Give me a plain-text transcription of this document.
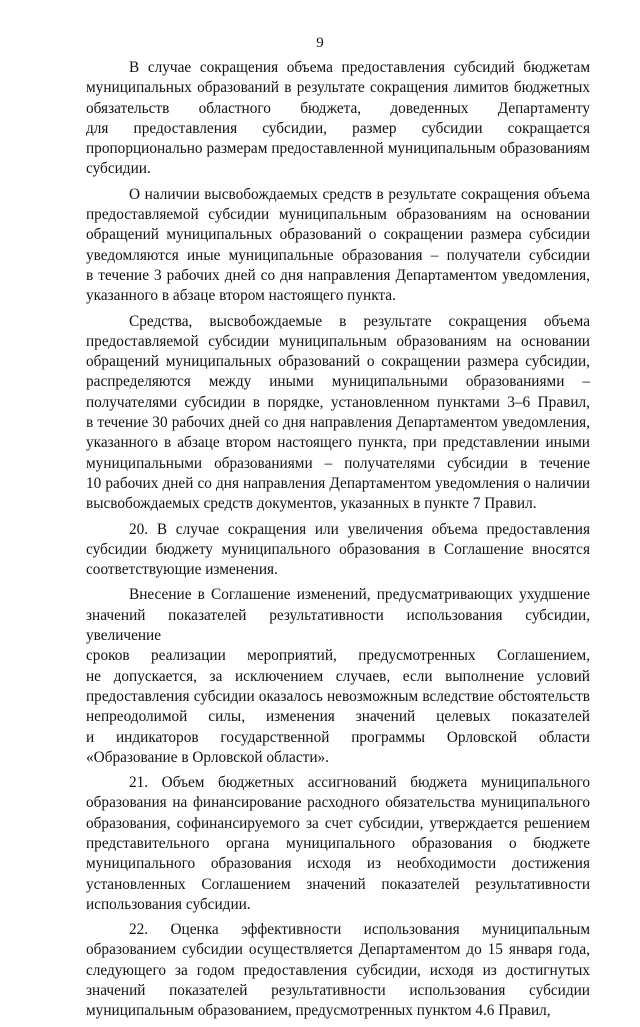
9

В случае сокращения объема предоставления субсидий бюджетам
муниципальных образований в результате сокращения лимитов бюджетных
обязательств областного бюджета, доведенных Департаменту
для предоставления субсидии, размер субсидии сокращается
пропорционально размерам предоставленной муниципальным образованиям
субсидии.

О наличии высвобождаемых средств в результате сокращения объема
предоставляемой субсидии муниципальным образованиям на основании
обращений муниципальных образований о сокращении размера субсидии
уведомляются иные муниципальные образования – получатели субсидии
в течение 3 рабочих дней со дня направления Департаментом уведомления,
указанного в абзаце втором настоящего пункта.

Средства, высвобождаемые в результате сокращения объема
предоставляемой субсидии муниципальным образованиям на основании
обращений муниципальных образований о сокращении размера субсидии,
распределяются между иными муниципальными образованиями –
получателями субсидии в порядке, установленном пунктами 3–6 Правил,
в течение 30 рабочих дней со дня направления Департаментом уведомления,
указанного в абзаце втором настоящего пункта, при представлении иными
муниципальными образованиями – получателями субсидии в течение
10 рабочих дней со дня направления Департаментом уведомления о наличии
высвобождаемых средств документов, указанных в пункте 7 Правил.

20. В случае сокращения или увеличения объема предоставления
субсидии бюджету муниципального образования в Соглашение вносятся
соответствующие изменения.

Внесение в Соглашение изменений, предусматривающих ухудшение
значений показателей результативности использования субсидии, увеличение
сроков реализации мероприятий, предусмотренных Соглашением,
не допускается, за исключением случаев, если выполнение условий
предоставления субсидии оказалось невозможным вследствие обстоятельств
непреодолимой силы, изменения значений целевых показателей
и индикаторов государственной программы Орловской области
«Образование в Орловской области».

21. Объем бюджетных ассигнований бюджета муниципального
образования на финансирование расходного обязательства муниципального
образования, софинансируемого за счет субсидии, утверждается решением
представительного органа муниципального образования о бюджете
муниципального образования исходя из необходимости достижения
установленных Соглашением значений показателей результативности
использования субсидии.

22. Оценка эффективности использования муниципальным
образованием субсидии осуществляется Департаментом до 15 января года,
следующего за годом предоставления субсидии, исходя из достигнутых
значений показателей результативности использования субсидии
муниципальным образованием, предусмотренных пунктом 4.6 Правил,
